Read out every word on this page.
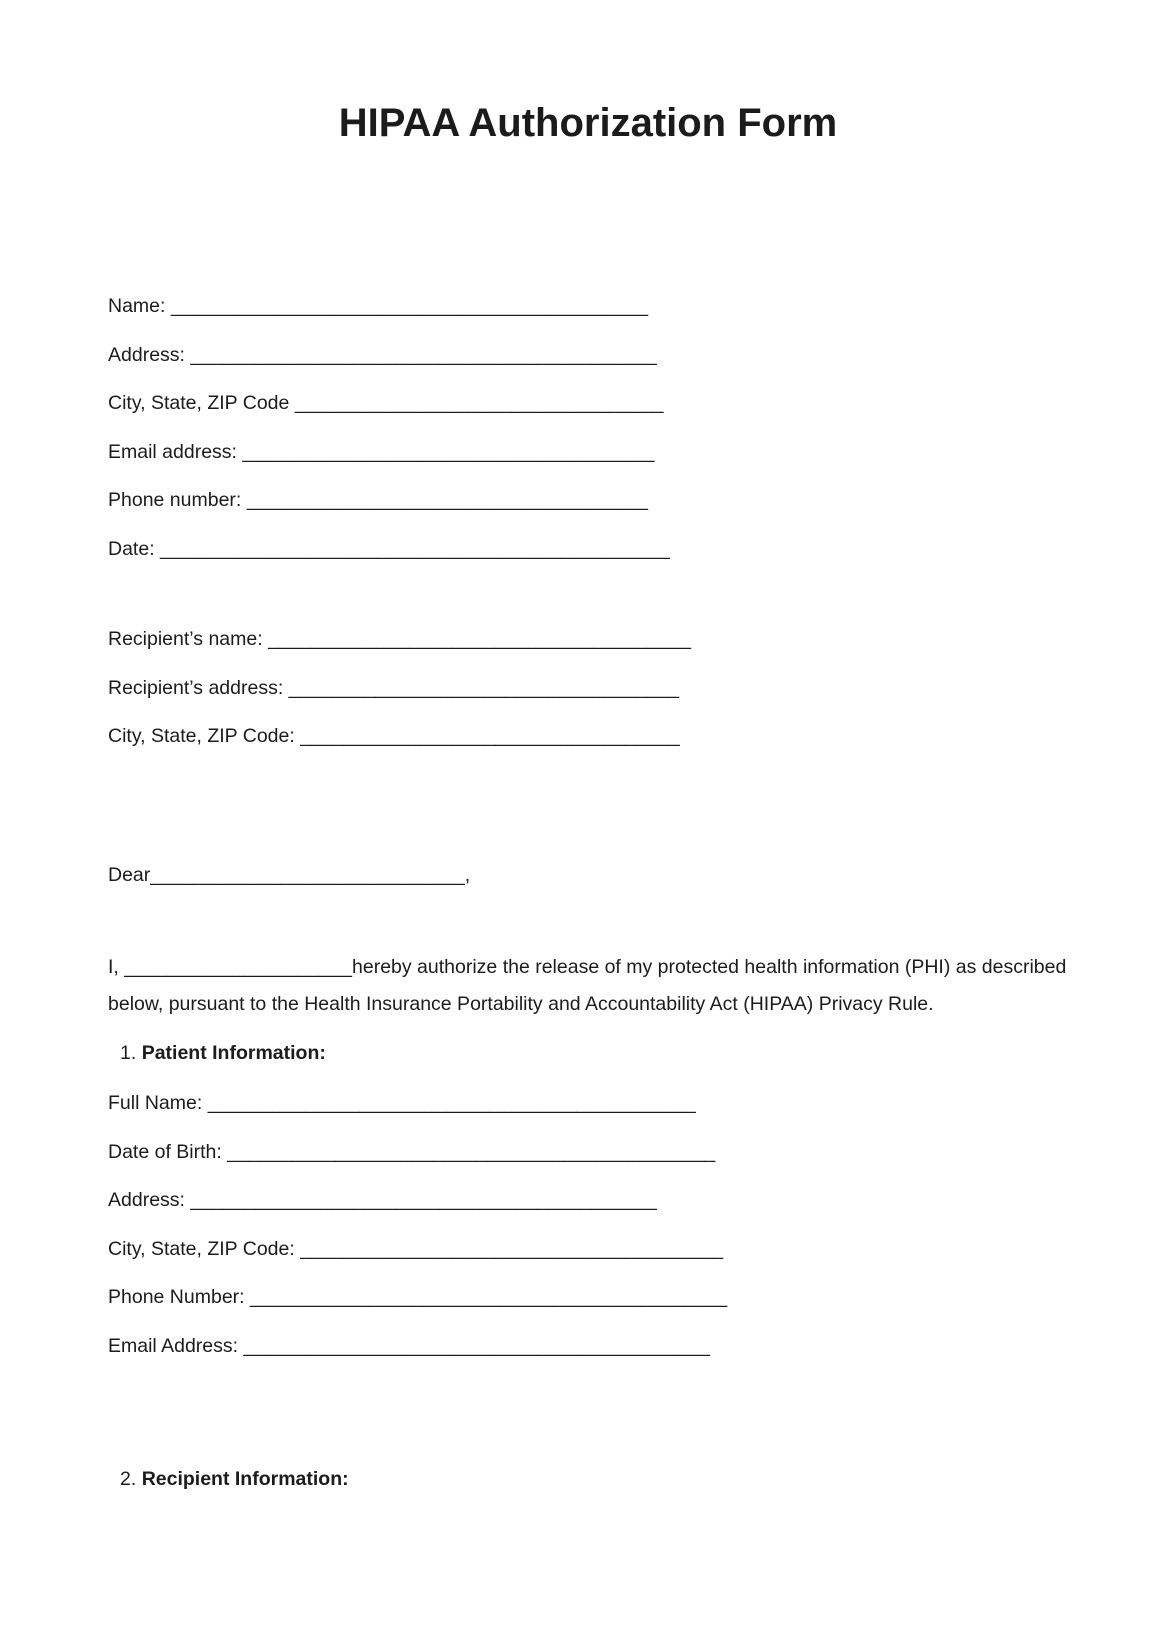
HIPAA Authorization Form

Name: ____________________________________________

Address: ___________________________________________

City, State, ZIP Code __________________________________

Email address: ______________________________________

Phone number: _____________________________________

Date: _______________________________________________

Recipient’s name: _______________________________________

Recipient’s address: ____________________________________

City, State, ZIP Code: ___________________________________

Dear_____________________________,

I, _____________________hereby authorize the release of my protected health information (PHI) as described below, pursuant to the Health Insurance Portability and Accountability Act (HIPAA) Privacy Rule.

1. Patient Information:

Full Name: _____________________________________________

Date of Birth: _____________________________________________

Address: ___________________________________________

City, State, ZIP Code: _______________________________________

Phone Number: ____________________________________________

Email Address: ___________________________________________

2. Recipient Information:
